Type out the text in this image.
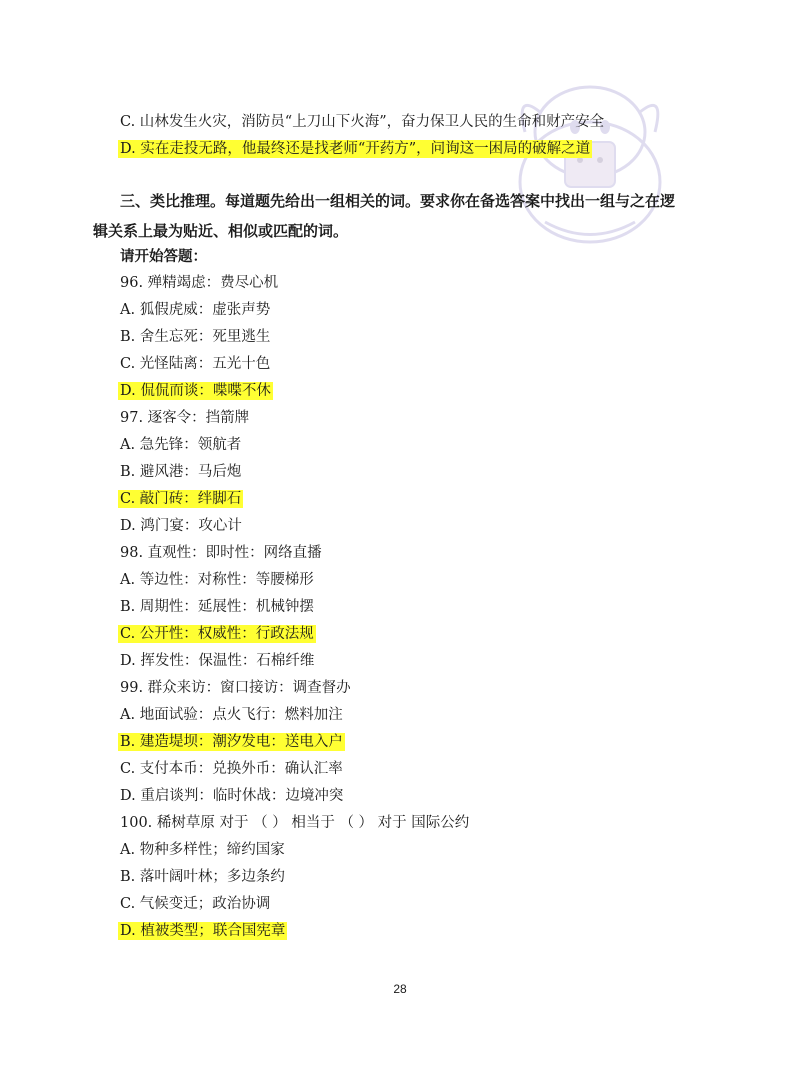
C. 山林发生火灾，消防员“上刀山下火海”，奋力保卫人民的生命和财产安全
D. 实在走投无路，他最终还是找老师“开药方”，问询这一困局的破解之道
三、类比推理。每道题先给出一组相关的词。要求你在备选答案中找出一组与之在逻
辑关系上最为贴近、相似或匹配的词。
请开始答题：
96. 殚精竭虑：费尽心机
A. 狐假虎威：虚张声势
B. 舍生忘死：死里逃生
C. 光怪陆离：五光十色
D. 侃侃而谈：喋喋不休
97. 逐客令：挡箭牌
A. 急先锋：领航者
B. 避风港：马后炮
C. 敲门砖：绊脚石
D. 鸿门宴：攻心计
98. 直观性：即时性：网络直播
A. 等边性：对称性：等腰梯形
B. 周期性：延展性：机械钟摆
C. 公开性：权威性：行政法规
D. 挥发性：保温性：石棉纤维
99. 群众来访：窗口接访：调查督办
A. 地面试验：点火飞行：燃料加注
B. 建造堤坝：潮汐发电：送电入户
C. 支付本币：兑换外币：确认汇率
D. 重启谈判：临时休战：边境冲突
100. 稀树草原 对于 （ ） 相当于 （ ） 对于 国际公约
A. 物种多样性；缔约国家
B. 落叶阔叶林；多边条约
C. 气候变迁；政治协调
D. 植被类型；联合国宪章
28
